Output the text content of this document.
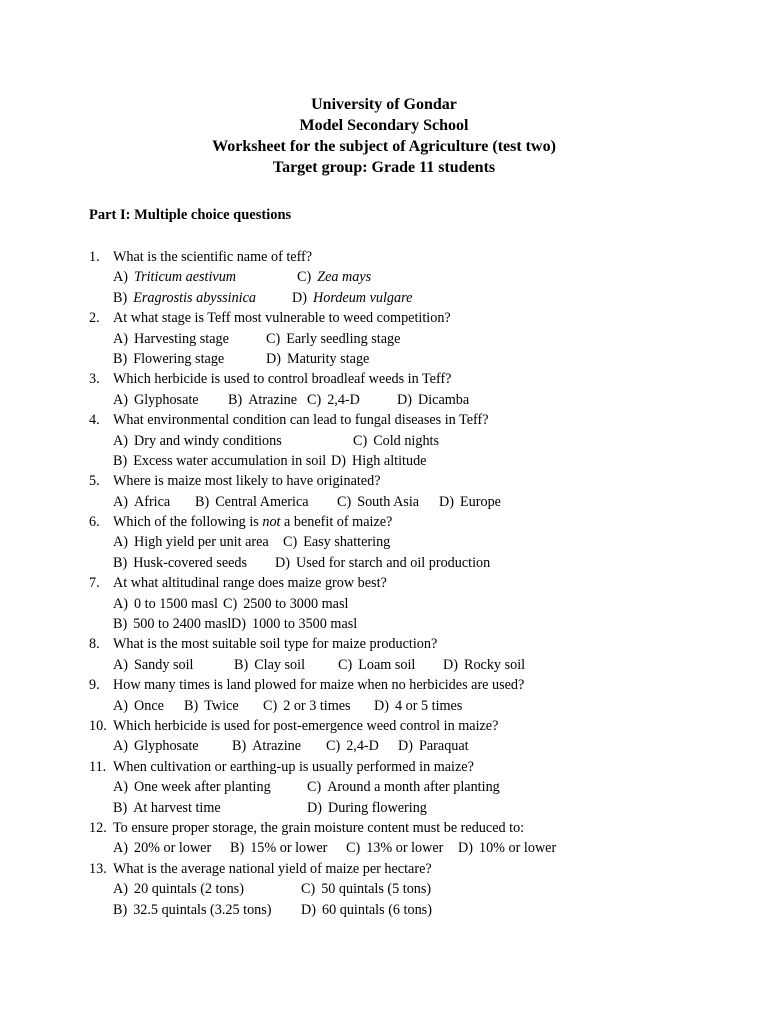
University of Gondar
Model Secondary School
Worksheet for the subject of Agriculture (test two)
Target group: Grade 11 students
Part I: Multiple choice questions
1. What is the scientific name of teff?
A) Triticum aestivum	C) Zea mays
B) Eragrostis abyssinica	D) Hordeum vulgare
2. At what stage is Teff most vulnerable to weed competition?
A) Harvesting stage	C) Early seedling stage
B) Flowering stage	D) Maturity stage
3. Which herbicide is used to control broadleaf weeds in Teff?
A) Glyphosate B) Atrazine C) 2,4-D	D) Dicamba
4. What environmental condition can lead to fungal diseases in Teff?
A) Dry and windy conditions	C) Cold nights
B) Excess water accumulation in soil D) High altitude
5. Where is maize most likely to have originated?
A) Africa B) Central America C) South Asia D) Europe
6. Which of the following is not a benefit of maize?
A) High yield per unit area C) Easy shattering
B) Husk-covered seeds D) Used for starch and oil production
7. At what altitudinal range does maize grow best?
A) 0 to 1500 masl C) 2500 to 3000 masl
B) 500 to 2400 masl D) 1000 to 3500 masl
8. What is the most suitable soil type for maize production?
A) Sandy soil	B) Clay soil C) Loam soil D) Rocky soil
9. How many times is land plowed for maize when no herbicides are used?
A) Once B) Twice C) 2 or 3 times D) 4 or 5 times
10. Which herbicide is used for post-emergence weed control in maize?
A) Glyphosate B) Atrazine C) 2,4-D D) Paraquat
11. When cultivation or earthing-up is usually performed in maize?
A) One week after planting	C) Around a month after planting
B) At harvest time	D) During flowering
12. To ensure proper storage, the grain moisture content must be reduced to:
A) 20% or lower B) 15% or lower C) 13% or lower D) 10% or lower
13. What is the average national yield of maize per hectare?
A) 20 quintals (2 tons)	C) 50 quintals (5 tons)
B) 32.5 quintals (3.25 tons) D) 60 quintals (6 tons)
